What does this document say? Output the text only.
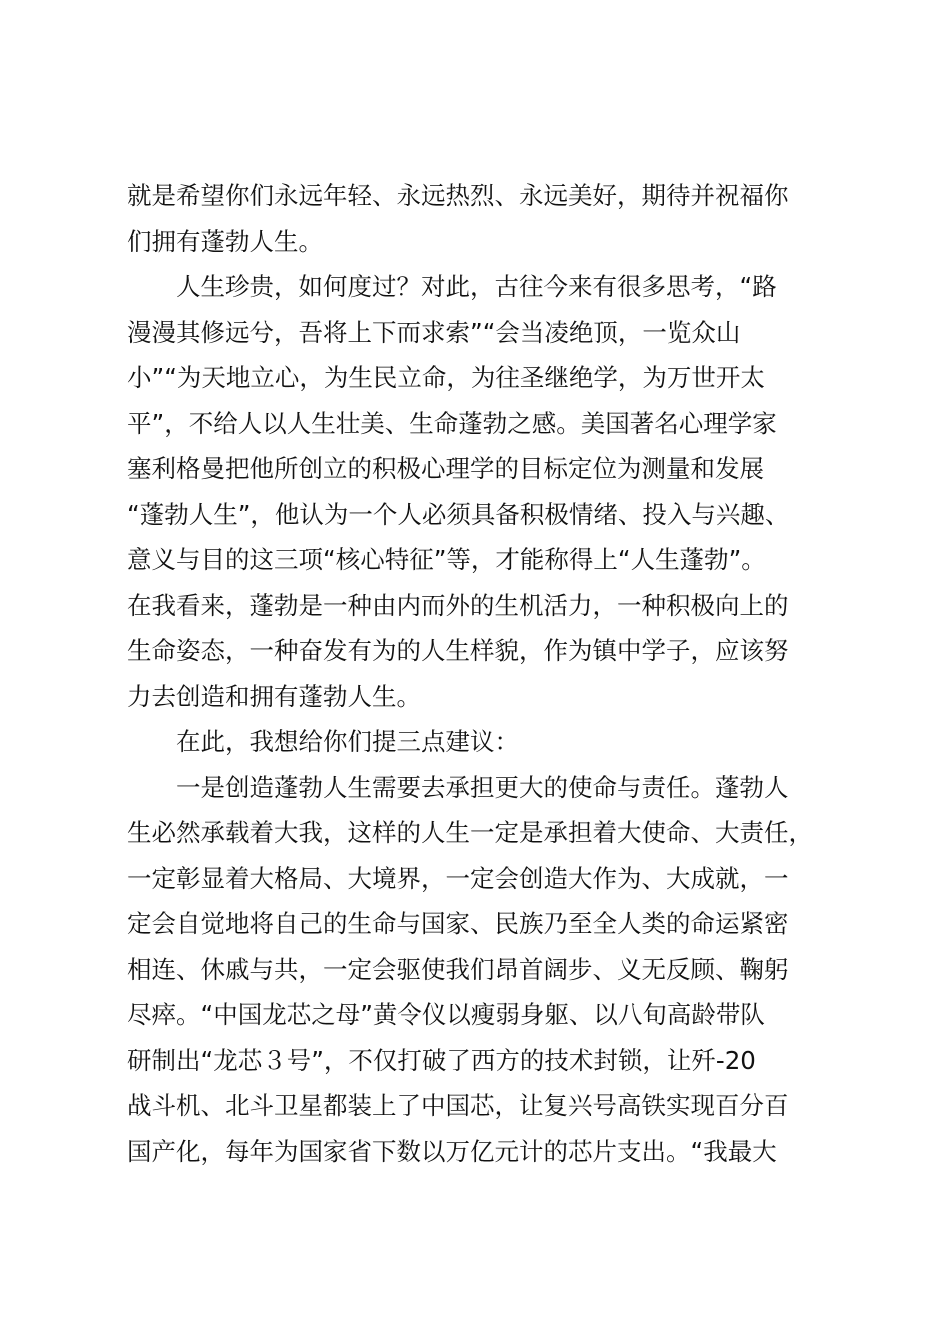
就是希望你们永远年轻、永远热烈、永远美好，期待并祝福你
们拥有蓬勃人生。
　　人生珍贵，如何度过？对此，古往今来有很多思考，“路
漫漫其修远兮，吾将上下而求索”“会当凌绝顶，一览众山
小”“为天地立心，为生民立命，为往圣继绝学，为万世开太
平”，不给人以人生壮美、生命蓬勃之感。美国著名心理学家
塞利格曼把他所创立的积极心理学的目标定位为测量和发展
“蓬勃人生”，他认为一个人必须具备积极情绪、投入与兴趣、
意义与目的这三项“核心特征”等，才能称得上“人生蓬勃”。
在我看来，蓬勃是一种由内而外的生机活力，一种积极向上的
生命姿态，一种奋发有为的人生样貌，作为镇中学子，应该努
力去创造和拥有蓬勃人生。
　　在此，我想给你们提三点建议：
　　一是创造蓬勃人生需要去承担更大的使命与责任。蓬勃人
生必然承载着大我，这样的人生一定是承担着大使命、大责任，
一定彰显着大格局、大境界，一定会创造大作为、大成就，一
定会自觉地将自己的生命与国家、民族乃至全人类的命运紧密
相连、休戚与共，一定会驱使我们昂首阔步、义无反顾、鞠躬
尽瘁。“中国龙芯之母”黄令仪以瘦弱身躯、以八旬高龄带队
研制出“龙芯３号”，不仅打破了西方的技术封锁，让歼-20
战斗机、北斗卫星都装上了中国芯，让复兴号高铁实现百分百
国产化，每年为国家省下数以万亿元计的芯片支出。“我最大
